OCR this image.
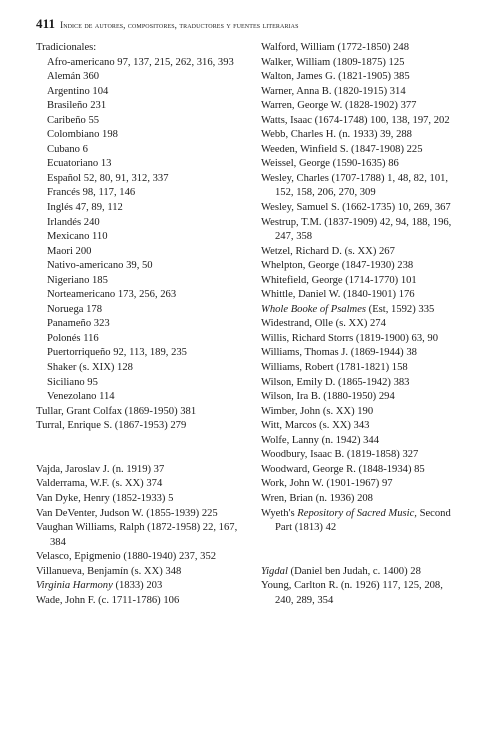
411 Indice de autores, compositores, traductores y fuentes literarias
Tradicionales:
Afro-americano 97, 137, 215, 262, 316, 393
Alemán 360
Argentino 104
Brasileño 231
Caribeño 55
Colombiano 198
Cubano 6
Ecuatoriano 13
Español 52, 80, 91, 312, 337
Francés 98, 117, 146
Inglés 47, 89, 112
Irlandés 240
Mexicano 110
Maori 200
Nativo-americano 39, 50
Nigeriano 185
Norteamericano 173, 256, 263
Noruega 178
Panameño 323
Polonés 116
Puertorriqueño 92, 113, 189, 235
Shaker (s. XIX) 128
Siciliano 95
Venezolano 114
Tullar, Grant Colfax (1869-1950) 381
Turral, Enrique S. (1867-1953) 279
Vajda, Jaroslav J. (n. 1919) 37
Valderrama, W.F. (s. XX) 374
Van Dyke, Henry (1852-1933) 5
Van DeVenter, Judson W. (1855-1939) 225
Vaughan Williams, Ralph (1872-1958) 22, 167, 384
Velasco, Epigmenio (1880-1940) 237, 352
Villanueva, Benjamín (s. XX) 348
Virginia Harmony (1833) 203
Wade, John F. (c. 1711-1786) 106
Walford, William (1772-1850) 248
Walker, William (1809-1875) 125
Walton, James G. (1821-1905) 385
Warner, Anna B. (1820-1915) 314
Warren, George W. (1828-1902) 377
Watts, Isaac (1674-1748) 100, 138, 197, 202
Webb, Charles H. (n. 1933) 39, 288
Weeden, Winfield S. (1847-1908) 225
Weissel, George (1590-1635) 86
Wesley, Charles (1707-1788) 1, 48, 82, 101, 152, 158, 206, 270, 309
Wesley, Samuel S. (1662-1735) 10, 269, 367
Westrup, T.M. (1837-1909) 42, 94, 188, 196, 247, 358
Wetzel, Richard D. (s. XX) 267
Whelpton, George (1847-1930) 238
Whitefield, George (1714-1770) 101
Whittle, Daniel W. (1840-1901) 176
Whole Booke of Psalmes (Est, 1592) 335
Widestrand, Olle (s. XX) 274
Willis, Richard Storrs (1819-1900) 63, 90
Williams, Thomas J. (1869-1944) 38
Williams, Robert (1781-1821) 158
Wilson, Emily D. (1865-1942) 383
Wilson, Ira B. (1880-1950) 294
Wimber, John (s. XX) 190
Witt, Marcos (s. XX) 343
Wolfe, Lanny (n. 1942) 344
Woodbury, Isaac B. (1819-1858) 327
Woodward, George R. (1848-1934) 85
Work, John W. (1901-1967) 97
Wren, Brian (n. 1936) 208
Wyeth's Repository of Sacred Music, Second Part (1813) 42
Yigdal (Daniel ben Judah, c. 1400) 28
Young, Carlton R. (n. 1926) 117, 125, 208, 240, 289, 354
